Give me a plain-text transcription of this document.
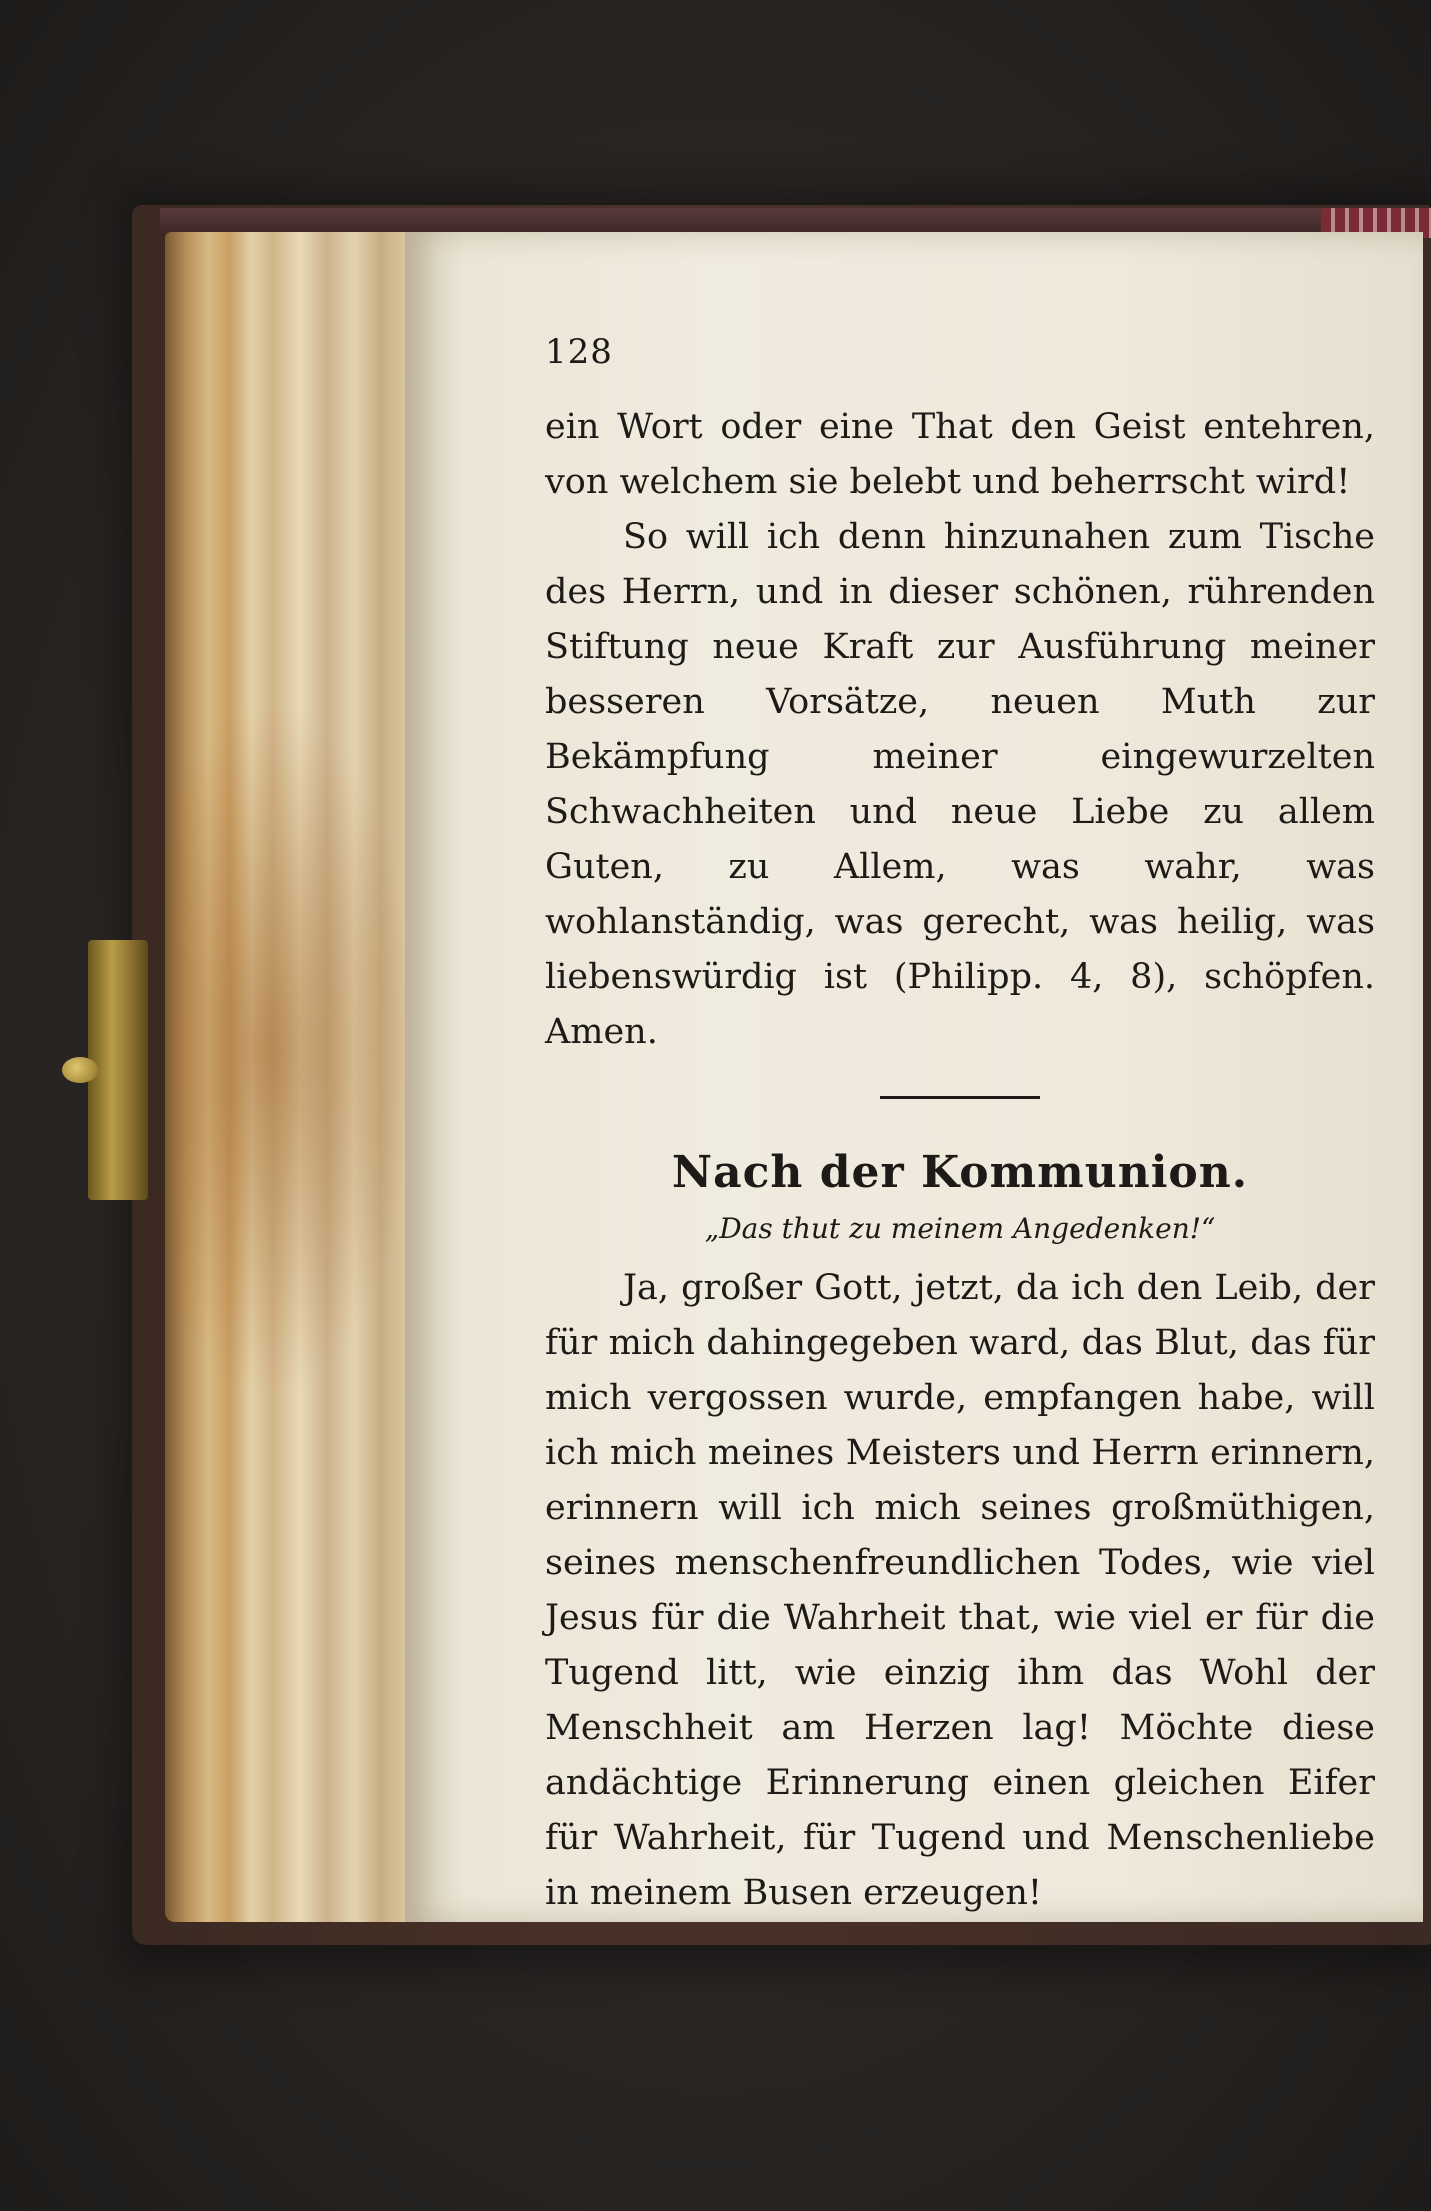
128

ein Wort oder eine That den Geist entehren, von welchem sie belebt und beherrscht wird!

So will ich denn hinzunahen zum Tische des Herrn, und in dieser schönen, rührenden Stiftung neue Kraft zur Ausführung meiner besseren Vorsätze, neuen Muth zur Bekämpfung meiner eingewurzelten Schwachheiten und neue Liebe zu allem Guten, zu Allem, was wahr, was wohlanständig, was gerecht, was heilig, was liebenswürdig ist (Philipp. 4, 8), schöpfen. Amen.

Nach der Kommunion.
„Das thut zu meinem Angedenken!“

Ja, großer Gott, jetzt, da ich den Leib, der für mich dahingegeben ward, das Blut, das für mich vergossen wurde, empfangen habe, will ich mich meines Meisters und Herrn erinnern, erinnern will ich mich seines großmüthigen, seines menschenfreundlichen Todes, wie viel Jesus für die Wahrheit that, wie viel er für die Tugend litt, wie einzig ihm das Wohl der Menschheit am Herzen lag! Möchte diese andächtige Erinnerung einen gleichen Eifer für Wahrheit, für Tugend und Menschenliebe in meinem Busen erzeugen!
